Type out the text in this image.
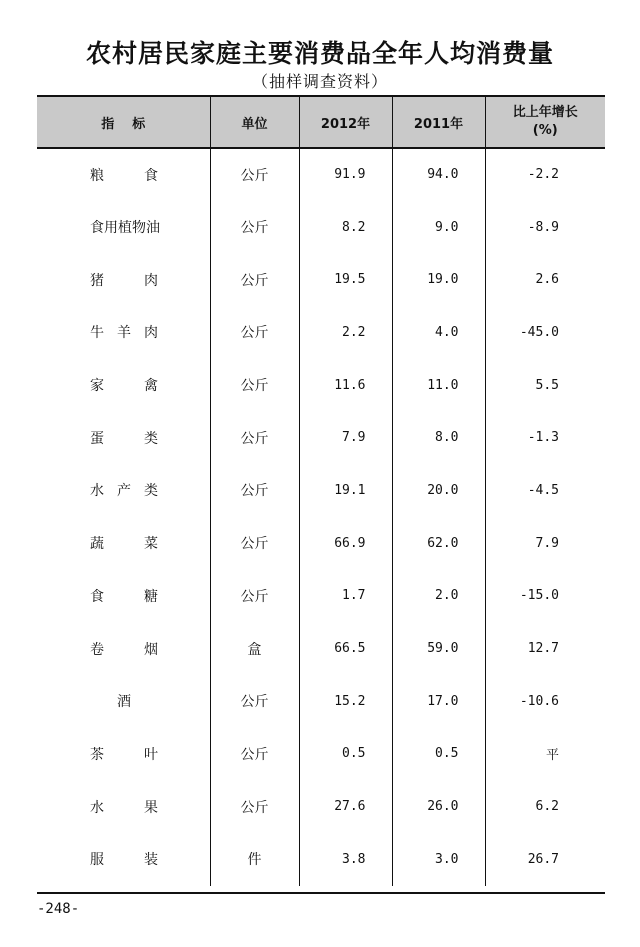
农村居民家庭主要消费品全年人均消费量
（抽样调查资料）
指标	单位	2012年	2011年	比上年增长
(%)

粮食	公斤	91.9	94.0	-2.2

食用植物油	公斤	8.2	9.0	-8.9

猪肉	公斤	19.5	19.0	2.6

牛羊肉	公斤	2.2	4.0	-45.0

家禽	公斤	11.6	11.0	5.5

蛋类	公斤	7.9	8.0	-1.3

水产类	公斤	19.1	20.0	-4.5

蔬菜	公斤	66.9	62.0	7.9

食糖	公斤	1.7	2.0	-15.0

卷烟	盒	66.5	59.0	12.7

酒	公斤	15.2	17.0	-10.6

茶叶	公斤	0.5	0.5	平

水果	公斤	27.6	26.0	6.2

服装	件	3.8	3.0	26.7
-248-
